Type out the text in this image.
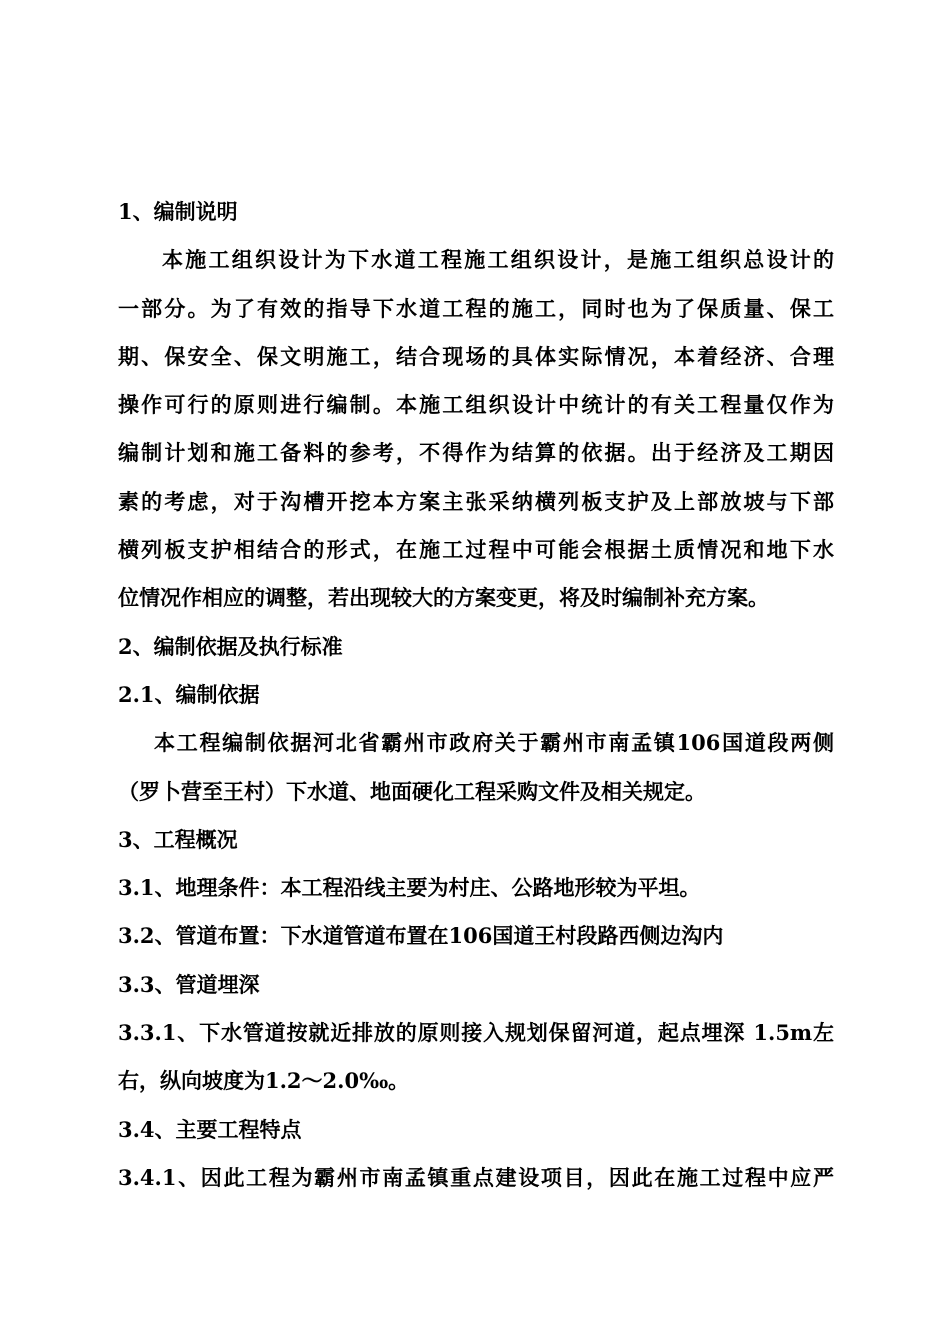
1、编制说明
本施工组织设计为下水道工程施工组织设计，是施工组织总设计的
一部分。为了有效的指导下水道工程的施工，同时也为了保质量、保工
期、保安全、保文明施工，结合现场的具体实际情况，本着经济、合理
操作可行的原则进行编制。本施工组织设计中统计的有关工程量仅作为
编制计划和施工备料的参考，不得作为结算的依据。出于经济及工期因
素的考虑，对于沟槽开挖本方案主张采纳横列板支护及上部放坡与下部
横列板支护相结合的形式，在施工过程中可能会根据土质情况和地下水
位情况作相应的调整，若出现较大的方案变更，将及时编制补充方案。
2、编制依据及执行标准
2.1、编制依据
本工程编制依据河北省霸州市政府关于霸州市南孟镇106国道段两侧
（罗卜营至王村）下水道、地面硬化工程采购文件及相关规定。
3、工程概况
3.1、地理条件：本工程沿线主要为村庄、公路地形较为平坦。
3.2、管道布置：下水道管道布置在106国道王村段路西侧边沟内
3.3、管道埋深
3.3.1、下水管道按就近排放的原则接入规划保留河道，起点埋深 1.5m左
右，纵向坡度为1.2～2.0‰。
3.4、主要工程特点
3.4.1、因此工程为霸州市南孟镇重点建设项目，因此在施工过程中应严
